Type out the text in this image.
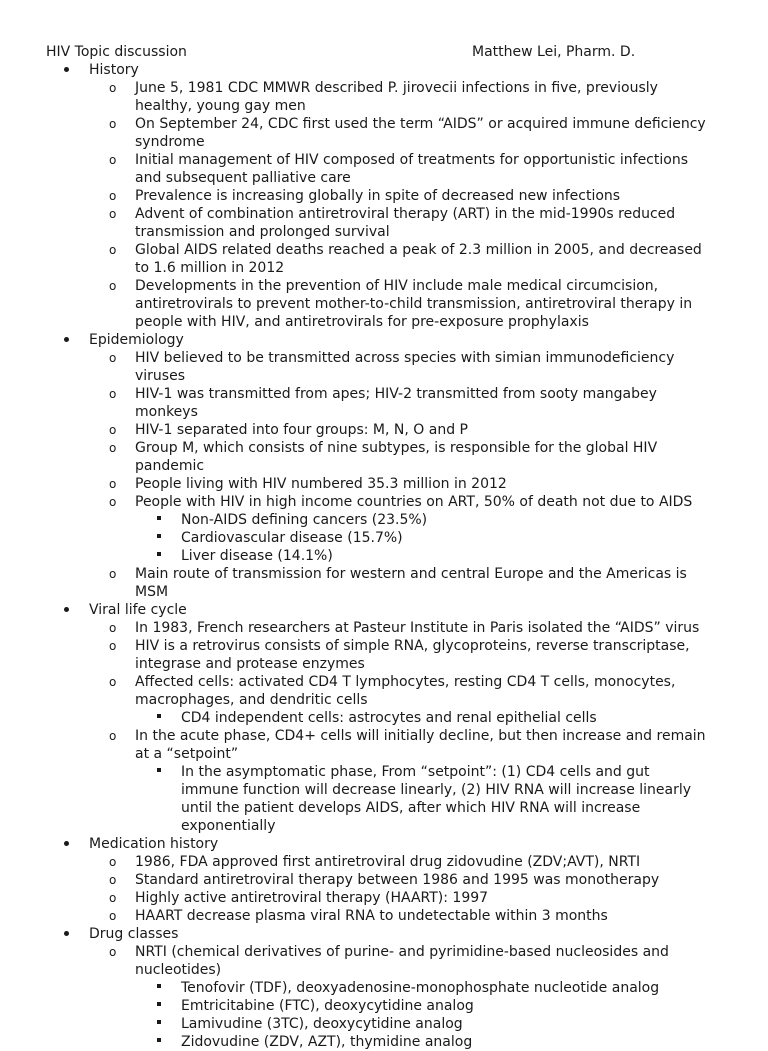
HIV Topic discussion	Matthew Lei, Pharm. D.
History
o June 5, 1981 CDC MMWR described P. jirovecii infections in five, previously healthy, young gay men
o On September 24, CDC first used the term “AIDS” or acquired immune deficiency syndrome
o Initial management of HIV composed of treatments for opportunistic infections and subsequent palliative care
o Prevalence is increasing globally in spite of decreased new infections
o Advent of combination antiretroviral therapy (ART) in the mid-1990s reduced transmission and prolonged survival
o Global AIDS related deaths reached a peak of 2.3 million in 2005, and decreased to 1.6 million in 2012
o Developments in the prevention of HIV include male medical circumcision, antiretrovirals to prevent mother-to-child transmission, antiretroviral therapy in people with HIV, and antiretrovirals for pre-exposure prophylaxis
Epidemiology
o HIV believed to be transmitted across species with simian immunodeficiency viruses
o HIV-1 was transmitted from apes; HIV-2 transmitted from sooty mangabey monkeys
o HIV-1 separated into four groups: M, N, O and P
o Group M, which consists of nine subtypes, is responsible for the global HIV pandemic
o People living with HIV numbered 35.3 million in 2012
o People with HIV in high income countries on ART, 50% of death not due to AIDS
Non-AIDS defining cancers (23.5%)
Cardiovascular disease (15.7%)
Liver disease (14.1%)
o Main route of transmission for western and central Europe and the Americas is MSM
Viral life cycle
o In 1983, French researchers at Pasteur Institute in Paris isolated the “AIDS” virus
o HIV is a retrovirus consists of simple RNA, glycoproteins, reverse transcriptase, integrase and protease enzymes
o Affected cells: activated CD4 T lymphocytes, resting CD4 T cells, monocytes, macrophages, and dendritic cells
CD4 independent cells: astrocytes and renal epithelial cells
o In the acute phase, CD4+ cells will initially decline, but then increase and remain at a “setpoint”
In the asymptomatic phase, From “setpoint”: (1) CD4 cells and gut immune function will decrease linearly, (2) HIV RNA will increase linearly until the patient develops AIDS, after which HIV RNA will increase exponentially
Medication history
o 1986, FDA approved first antiretroviral drug zidovudine (ZDV;AVT), NRTI
o Standard antiretroviral therapy between 1986 and 1995 was monotherapy
o Highly active antiretroviral therapy (HAART): 1997
o HAART decrease plasma viral RNA to undetectable within 3 months
Drug classes
o NRTI (chemical derivatives of purine- and pyrimidine-based nucleosides and nucleotides)
Tenofovir (TDF), deoxyadenosine-monophosphate nucleotide analog
Emtricitabine (FTC), deoxycytidine analog
Lamivudine (3TC), deoxycytidine analog
Zidovudine (ZDV, AZT), thymidine analog
